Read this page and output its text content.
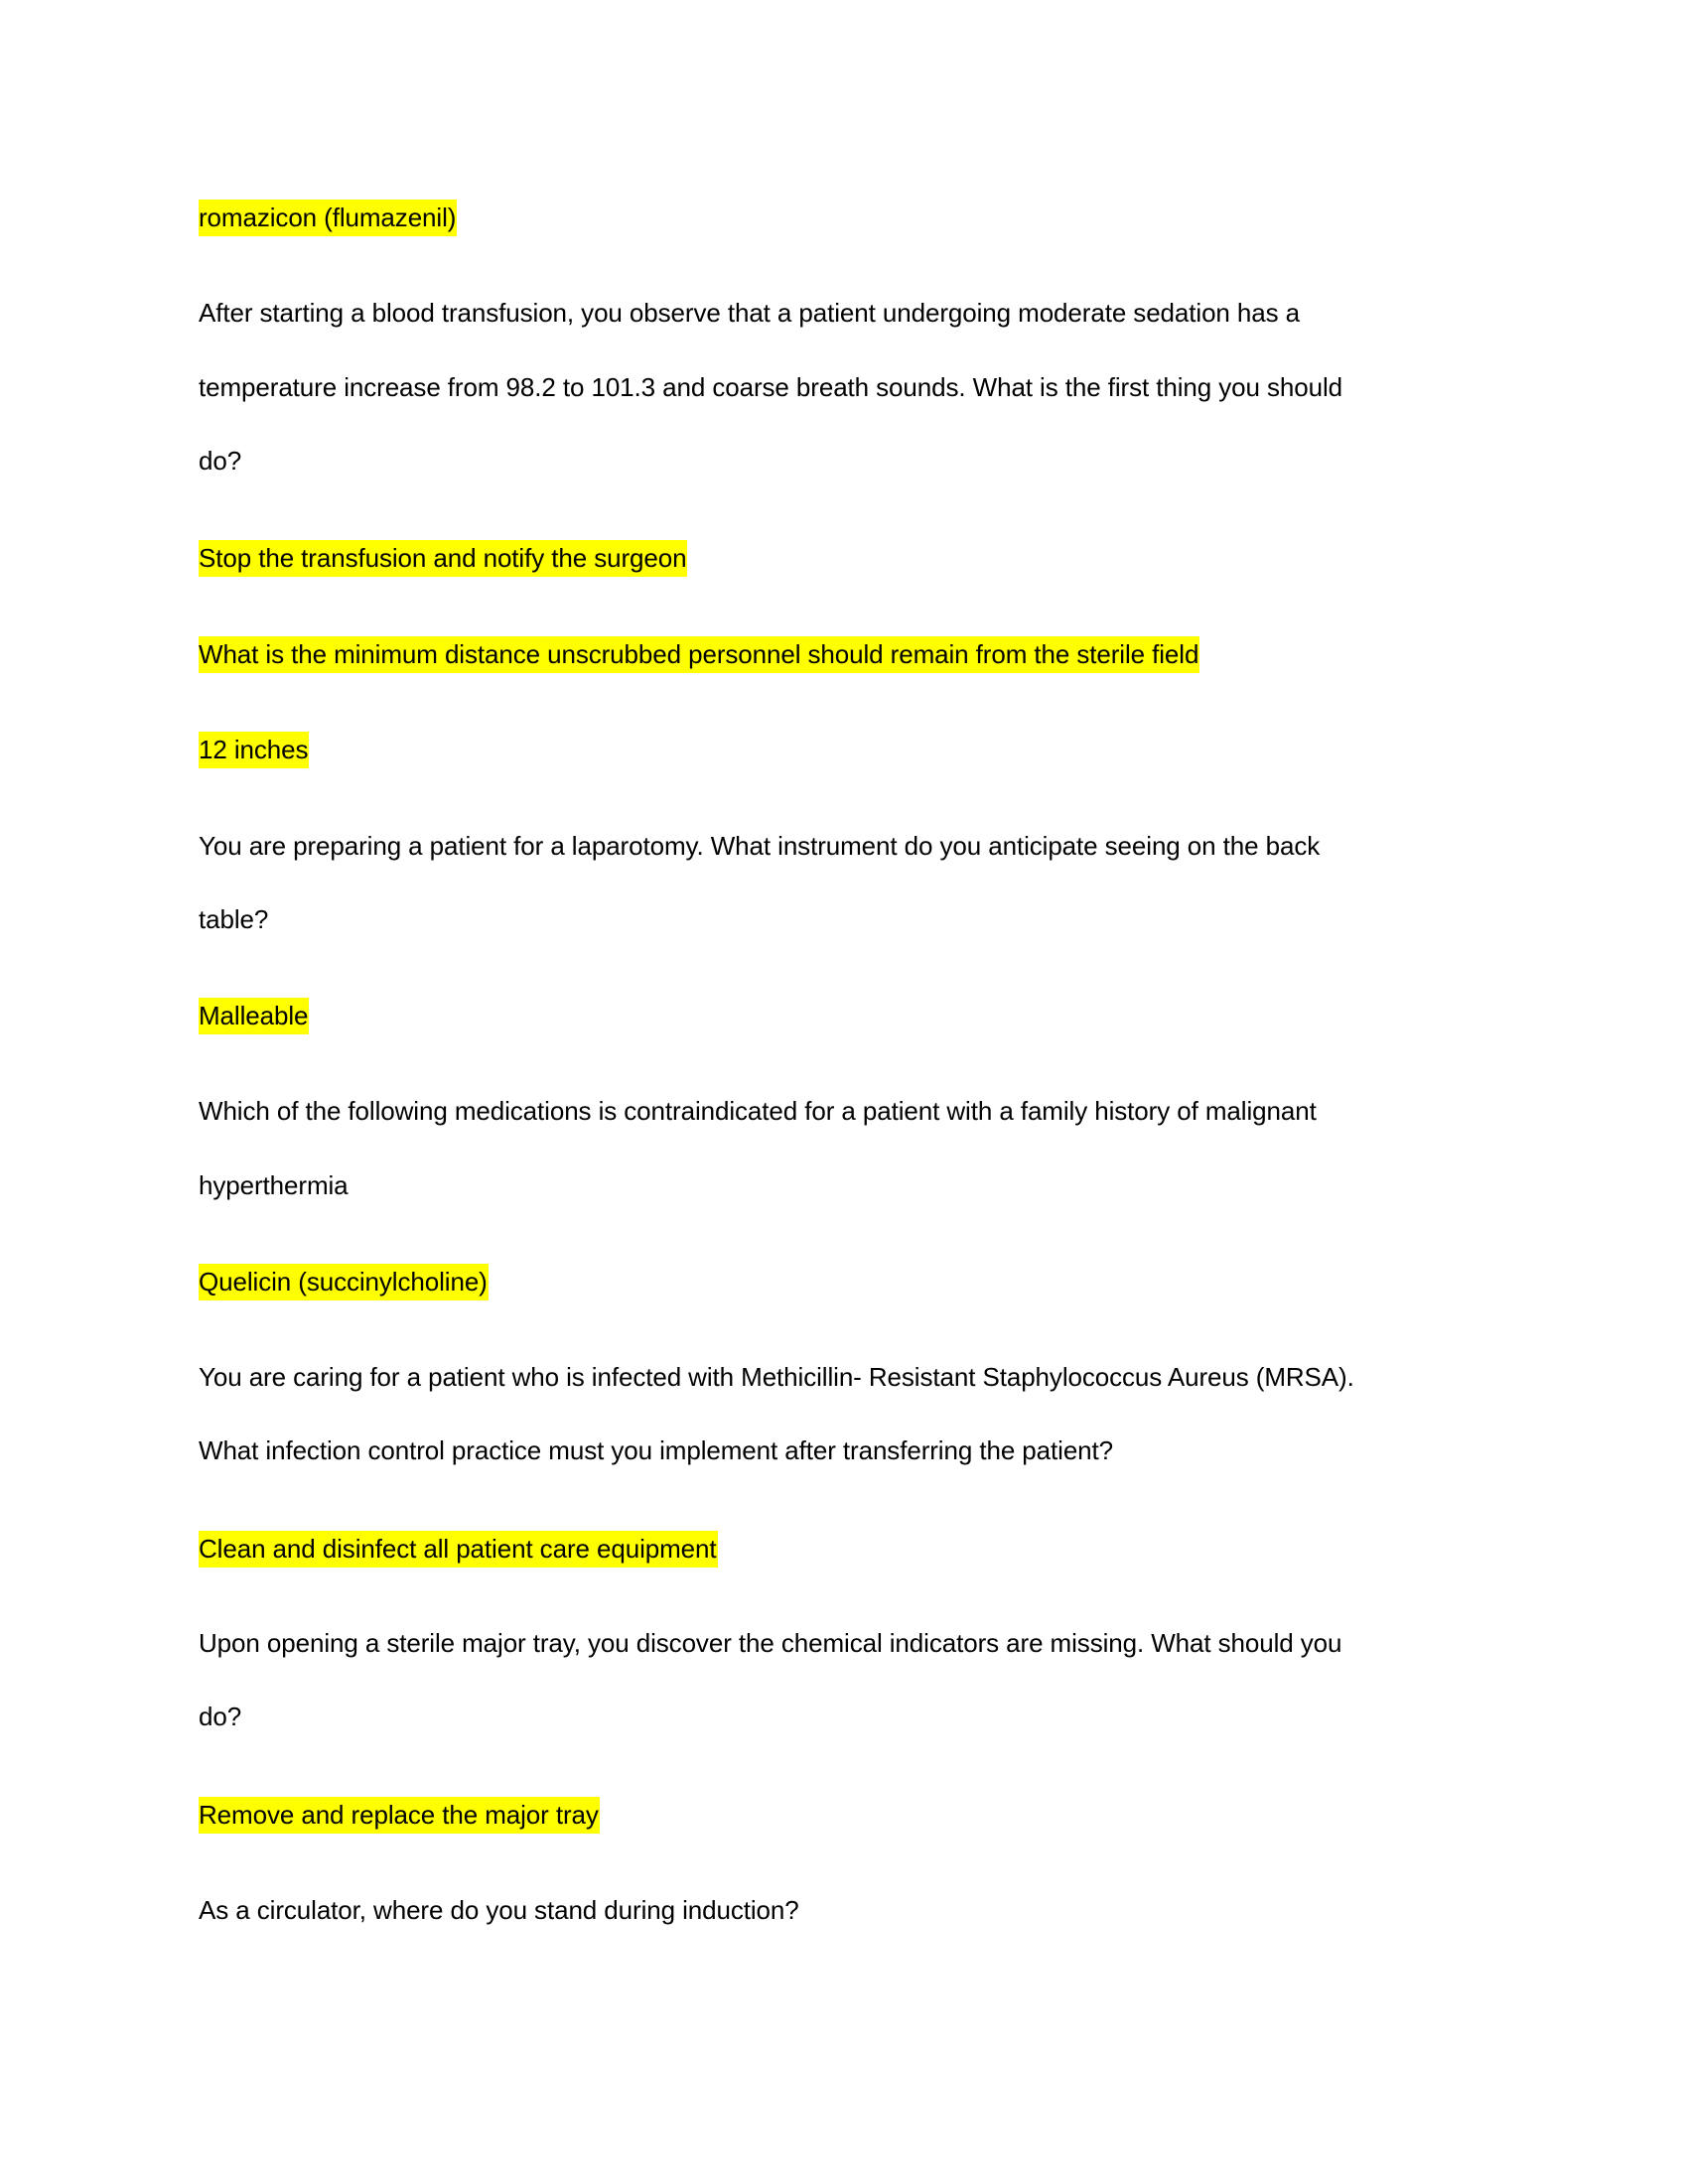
romazicon (flumazenil)
After starting a blood transfusion, you observe that a patient undergoing moderate sedation has a
temperature increase from 98.2 to 101.3 and coarse breath sounds. What is the first thing you should
do?
Stop the transfusion and notify the surgeon
What is the minimum distance unscrubbed personnel should remain from the sterile field
12 inches
You are preparing a patient for a laparotomy. What instrument do you anticipate seeing on the back
table?
Malleable
Which of the following medications is contraindicated for a patient with a family history of malignant
hyperthermia
Quelicin (succinylcholine)
You are caring for a patient who is infected with Methicillin- Resistant Staphylococcus Aureus (MRSA).
What infection control practice must you implement after transferring the patient?
Clean and disinfect all patient care equipment
Upon opening a sterile major tray, you discover the chemical indicators are missing. What should you
do?
Remove and replace the major tray
As a circulator, where do you stand during induction?
